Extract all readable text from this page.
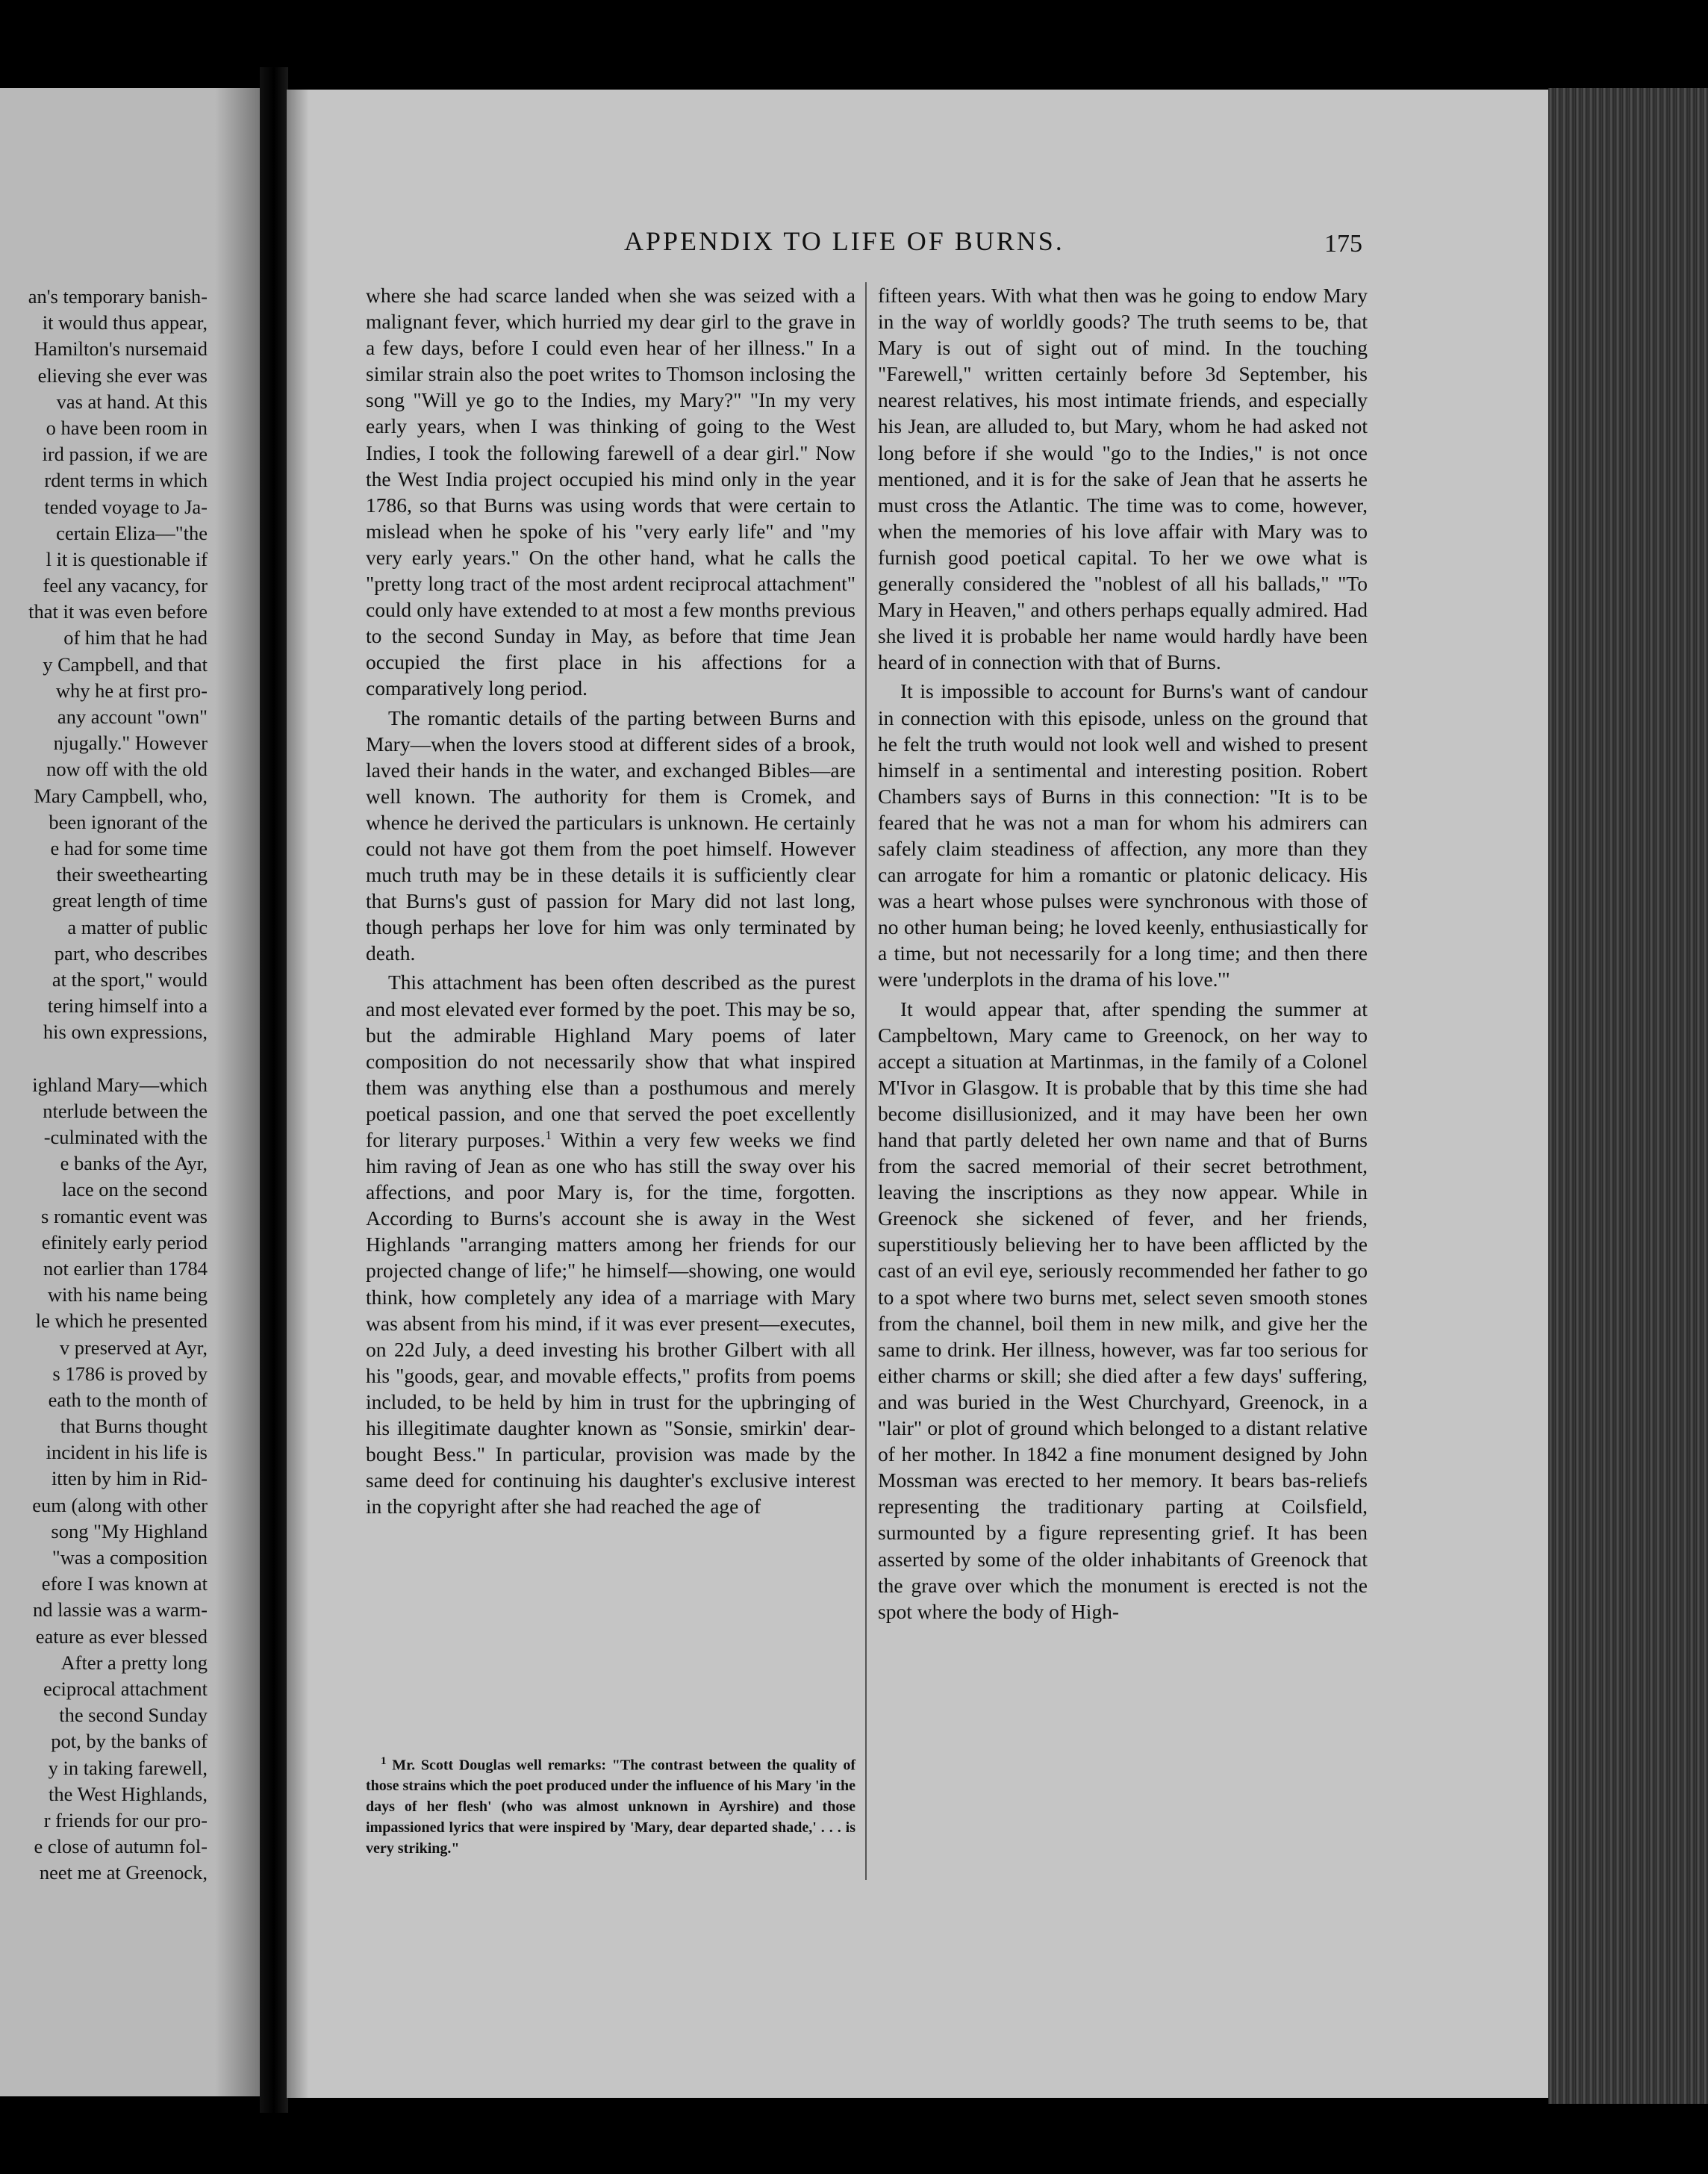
an's temporary banish-
it would thus appear,
Hamilton's nursemaid
elieving she ever was
vas at hand. At this
o have been room in
ird passion, if we are
rdent terms in which
tended voyage to Ja-
certain Eliza—"the
l it is questionable if
feel any vacancy, for
that it was even before
of him that he had
y Campbell, and that
why he at first pro-
any account "own"
njugally." However
now off with the old
Mary Campbell, who,
been ignorant of the
e had for some time
their sweethearting
great length of time
a matter of public
part, who describes
at the sport," would
tering himself into a
his own expressions,
ighland Mary—which
nterlude between the
-culminated with the
e banks of the Ayr,
lace on the second
s romantic event was
efinitely early period
not earlier than 1784
with his name being
le which he presented
v preserved at Ayr,
s 1786 is proved by
eath to the month of
that Burns thought
incident in his life is
itten by him in Rid-
eum (along with other
song "My Highland
"was a composition
efore I was known at
nd lassie was a warm-
eature as ever blessed
After a pretty long
eciprocal attachment
the second Sunday
pot, by the banks of
y in taking farewell,
the West Highlands,
r friends for our pro-
e close of autumn fol-
neet me at Greenock,
APPENDIX TO LIFE OF BURNS.	175

where she had scarce landed when she was seized with a malignant fever, which hurried my dear girl to the grave in a few days, before I could even hear of her illness." In a similar strain also the poet writes to Thomson inclosing the song "Will ye go to the Indies, my Mary?" "In my very early years, when I was thinking of going to the West Indies, I took the following farewell of a dear girl." Now the West India project occupied his mind only in the year 1786, so that Burns was using words that were certain to mislead when he spoke of his "very early life" and "my very early years." On the other hand, what he calls the "pretty long tract of the most ardent reciprocal attachment" could only have extended to at most a few months previous to the second Sunday in May, as before that time Jean occupied the first place in his affections for a comparatively long period.

The romantic details of the parting between Burns and Mary—when the lovers stood at different sides of a brook, laved their hands in the water, and exchanged Bibles—are well known. The authority for them is Cromek, and whence he derived the particulars is unknown. He certainly could not have got them from the poet himself. However much truth may be in these details it is sufficiently clear that Burns's gust of passion for Mary did not last long, though perhaps her love for him was only terminated by death.

This attachment has been often described as the purest and most elevated ever formed by the poet. This may be so, but the admirable Highland Mary poems of later composition do not necessarily show that what inspired them was anything else than a posthumous and merely poetical passion, and one that served the poet excellently for literary purposes.$^1$ Within a very few weeks we find him raving of Jean as one who has still the sway over his affections, and poor Mary is, for the time, forgotten. According to Burns's account she is away in the West Highlands "arranging matters among her friends for our projected change of life;" he himself—showing, one would think, how completely any idea of a marriage with Mary was absent from his mind, if it was ever present—executes, on 22d July, a deed investing his brother Gilbert with all his "goods, gear, and movable effects," profits from poems included, to be held by him in trust for the upbringing of his illegitimate daughter known as "Sonsie, smirkin' dear-bought Bess." In particular, provision was made by the same deed for continuing his daughter's exclusive interest in the copyright after she had reached the age of

fifteen years. With what then was he going to endow Mary in the way of worldly goods? The truth seems to be, that Mary is out of sight out of mind. In the touching "Farewell," written certainly before 3d September, his nearest relatives, his most intimate friends, and especially his Jean, are alluded to, but Mary, whom he had asked not long before if she would "go to the Indies," is not once mentioned, and it is for the sake of Jean that he asserts he must cross the Atlantic. The time was to come, however, when the memories of his love affair with Mary was to furnish good poetical capital. To her we owe what is generally considered the "noblest of all his ballads," "To Mary in Heaven," and others perhaps equally admired. Had she lived it is probable her name would hardly have been heard of in connection with that of Burns.

It is impossible to account for Burns's want of candour in connection with this episode, unless on the ground that he felt the truth would not look well and wished to present himself in a sentimental and interesting position. Robert Chambers says of Burns in this connection: "It is to be feared that he was not a man for whom his admirers can safely claim steadiness of affection, any more than they can arrogate for him a romantic or platonic delicacy. His was a heart whose pulses were synchronous with those of no other human being; he loved keenly, enthusiastically for a time, but not necessarily for a long time; and then there were 'underplots in the drama of his love.'"

It would appear that, after spending the summer at Campbeltown, Mary came to Greenock, on her way to accept a situation at Martinmas, in the family of a Colonel M'Ivor in Glasgow. It is probable that by this time she had become disillusionized, and it may have been her own hand that partly deleted her own name and that of Burns from the sacred memorial of their secret betrothment, leaving the inscriptions as they now appear. While in Greenock she sickened of fever, and her friends, superstitiously believing her to have been afflicted by the cast of an evil eye, seriously recommended her father to go to a spot where two burns met, select seven smooth stones from the channel, boil them in new milk, and give her the same to drink. Her illness, however, was far too serious for either charms or skill; she died after a few days' suffering, and was buried in the West Churchyard, Greenock, in a "lair" or plot of ground which belonged to a distant relative of her mother. In 1842 a fine monument designed by John Mossman was erected to her memory. It bears bas-reliefs representing the traditionary parting at Coilsfield, surmounted by a figure representing grief. It has been asserted by some of the older inhabitants of Greenock that the grave over which the monument is erected is not the spot where the body of High-

$^1$ Mr. Scott Douglas well remarks: "The contrast between the quality of those strains which the poet produced under the influence of his Mary 'in the days of her flesh' (who was almost unknown in Ayrshire) and those impassioned lyrics that were inspired by 'Mary, dear departed shade,' . . . is very striking."
